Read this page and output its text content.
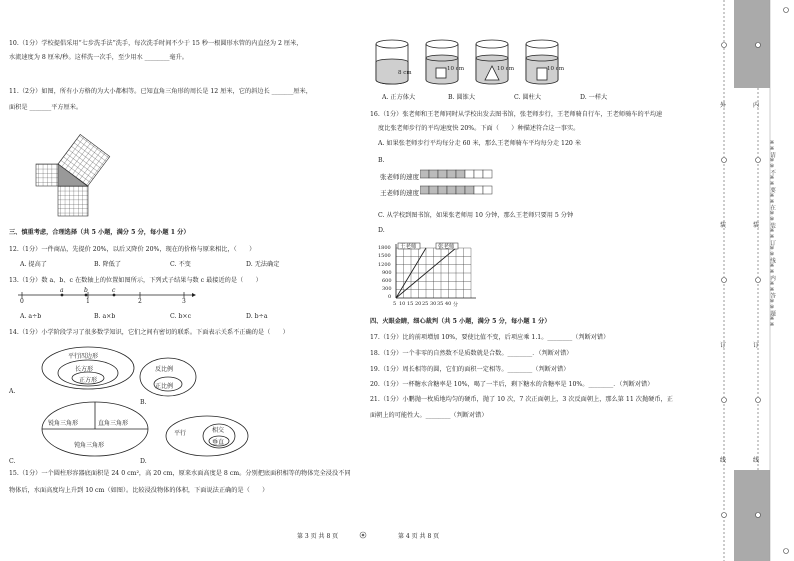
10.（1分）学校提倡采用“七步洗手法”洗手，每次洗手时间不少于 15 秒一根圆形水管的内直径为 2 厘米，
水流速度为 8 厘米/秒。这样洗一次手，至少用水 ________毫升。
11.（2分）如图，所有小方格的为大小都相等。已知直角三角形的周长是 12 厘米，它的斜边长 _______厘米，
面积是 _______平方厘米。
三、慎重考虑，合理选择（共 5 小题，满分 5 分，每小题 1 分）
12.（1分）一件商品，先提价 20%，以后又降价 20%，现在的价格与原来相比，（　　）
A. 提高了	B. 降低了	C. 不变	D. 无法确定
13.（1分）数 a、b、c 在数轴上的位置如图所示，下列式子结果与数 c 最接近的是（　　）
a	b	c
0	1	2	3
A. a÷b	B. a×b	C. b×c	D. b÷a
14.（1分）小学阶段学习了很多数学知识，它们之间有密切的联系。下面表示关系不正确的是（　　）
平行四边形
长方形
正方形
A.
反比例
正比例
B.
锐角三角形	直角三角形
钝角三角形
C.
平行	相交
垂直
D.
15.（1分）一个圆柱形容器底面积是 24 0 cm²，高 20 cm，原来水面高度是 8 cm。分别把底面积相等的物体完全浸没不同
物体后，水面高度均上升到 10 cm（如图）。比较浸没物体的体积，下面说法正确的是（　　）
第 3 页 共 8 页	第 4 页 共 8 页
8 cm
10 cm	10 cm	10 cm
A. 正方体大	B. 圆锥大	C. 圆柱大	D. 一样大
16.（1分）张老师和王老师同时从学校出发去图书馆，张老师步行，王老师骑自行车，王老师骑车的平均速
度比张老师步行的平均速度快 20%。下面（　　）种描述符合这一事实。
A. 如果张老师步行平均每分走 60 米，那么王老师骑车平均每分走 120 米
B.
张老师的速度
王老师的速度
C. 从学校到图书馆，如果张老师用 10 分钟，那么王老师只要用 5 分钟
D.
王老师	张老师
1800
1500
1200
900
600
300
0
5 10 15 20 25 30 35 40 分
四、火眼金睛，细心裁判（共 5 小题，满分 5 分，每小题 1 分）
17.（1分）比的前项增加 10%，要使比值不变，后项应乘 1.1。________（判断对错）
18.（1分）一个非零的自然数不是质数就是合数。________．（判断对错）
19.（1分）周长相等的圆，它们的面积一定相等。________（判断对错）
20.（1分）一杯糖水含糖率是 10%，喝了一半后，剩下糖水的含糖率是 10%。________．（判断对错）
21.（1分）小鹏抛一枚质地均匀的硬币，抛了 10 次，7 次正面朝上，3 次反面朝上，那么第 11 次抛硬币，正
面朝上的可能性大。________（判断对错）
外
装
订
线
内
装
订
线
※※请※※不※※要※※在※※装※※订※※线※※内※※答※※题※※
